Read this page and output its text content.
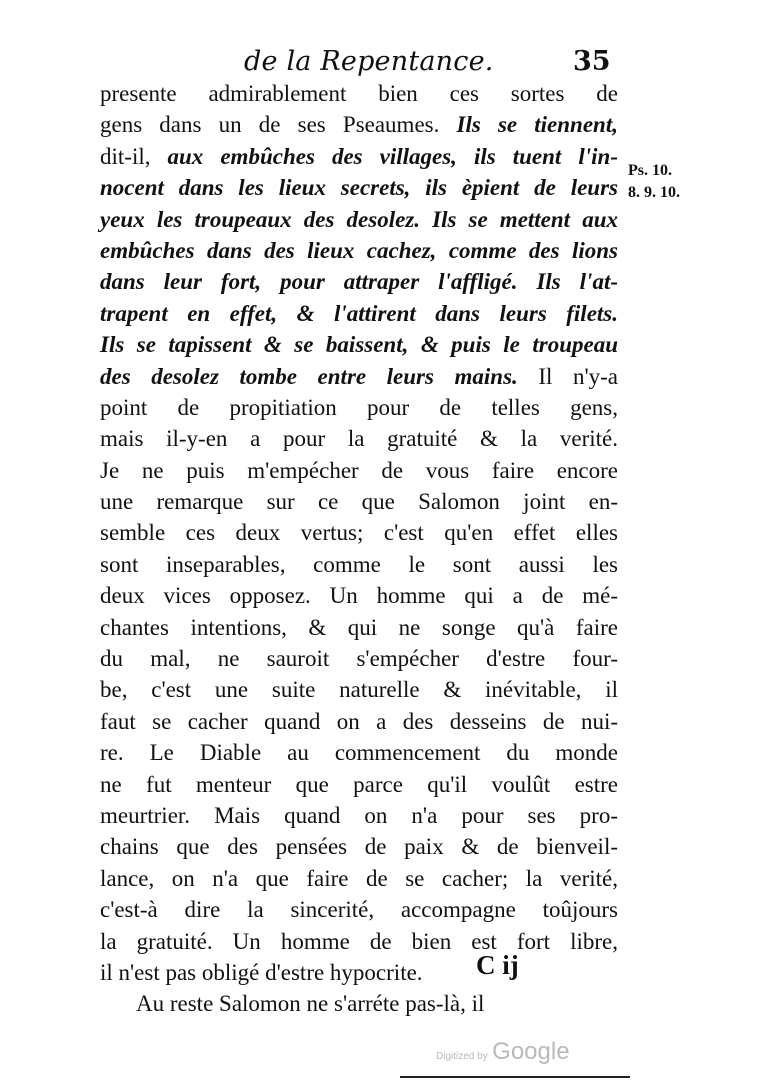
de la Repentance.	35
presente admirablement bien ces sortes de
gens dans un de ses Pseaumes. Ils se tiennent,
dit-il, aux embûches des villages, ils tuent l'in-
nocent dans les lieux secrets, ils èpient de leurs
yeux les troupeaux des desolez. Ils se mettent aux
embûches dans des lieux cachez, comme des lions
dans leur fort, pour attraper l'affligé. Ils l'at-
trapent en effet, & l'attirent dans leurs filets.
Ils se tapissent & se baissent, & puis le troupeau
des desolez tombe entre leurs mains. Il n'y-a
point de propitiation pour de telles gens,
mais il-y-en a pour la gratuité & la verité.
Je ne puis m'empécher de vous faire encore
une remarque sur ce que Salomon joint en-
semble ces deux vertus; c'est qu'en effet elles
sont inseparables, comme le sont aussi les
deux vices opposez. Un homme qui a de mé-
chantes intentions, & qui ne songe qu'à faire
du mal, ne sauroit s'empécher d'estre four-
be, c'est une suite naturelle & inévitable, il
faut se cacher quand on a des desseins de nui-
re. Le Diable au commencement du monde
ne fut menteur que parce qu'il voulût estre
meurtrier. Mais quand on n'a pour ses pro-
chains que des pensées de paix & de bienveil-
lance, on n'a que faire de se cacher; la verité,
c'est-à dire la sincerité, accompagne toûjours
la gratuité. Un homme de bien est fort libre,
il n'est pas obligé d'estre hypocrite.
Au reste Salomon ne s'arréte pas-là, il
Ps. 10.
8. 9. 10.
C ij
Digitized by Google
